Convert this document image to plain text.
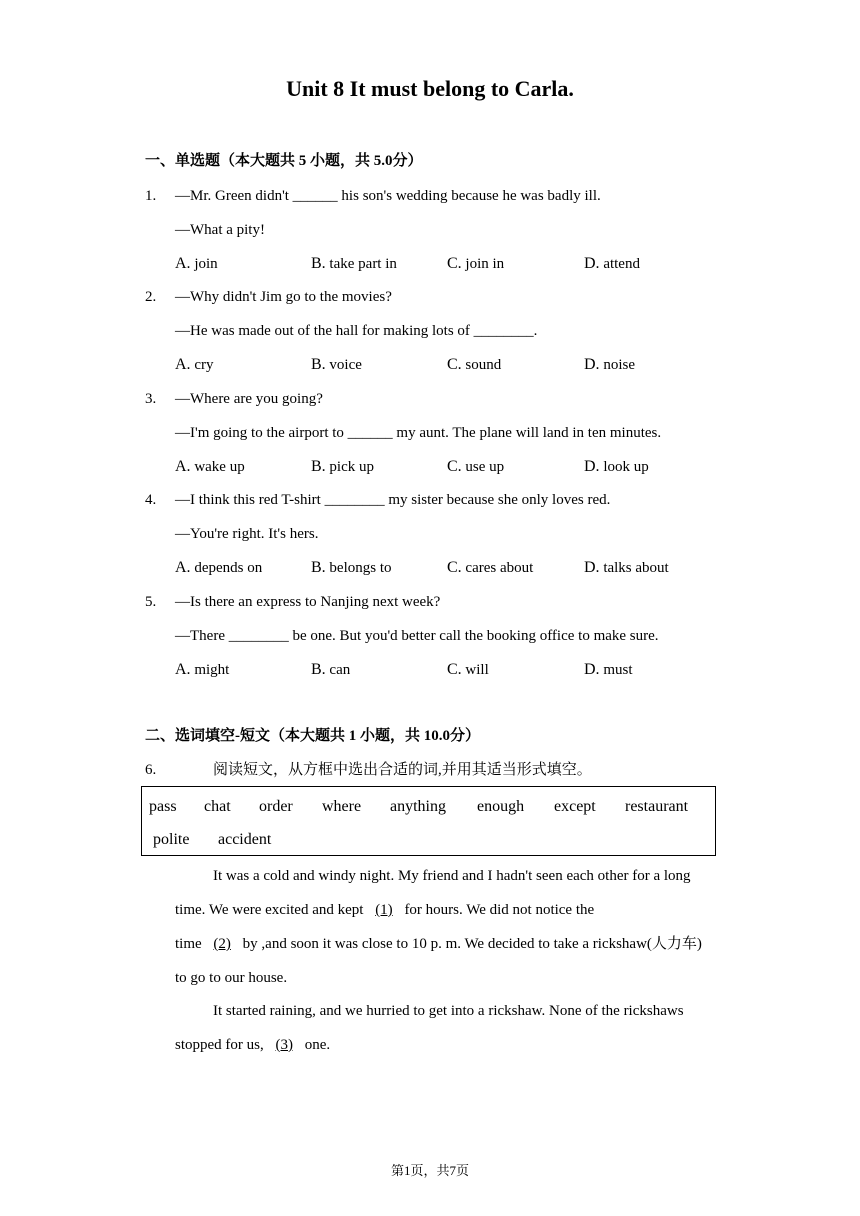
Unit 8 It must belong to Carla.
一、单选题（本大题共 5 小题，共 5.0分）
1.	—Mr. Green didn't ______ his son's wedding because he was badly ill.
—What a pity!
A. join	B. take part in	C. join in	D. attend
2.	—Why didn't Jim go to the movies?
—He was made out of the hall for making lots of ________.
A. cry	B. voice	C. sound	D. noise
3.	—Where are you going?
—I'm going to the airport to ______ my aunt. The plane will land in ten minutes.
A. wake up	B. pick up	C. use up	D. look up
4.	—I think this red T-shirt ________ my sister because she only loves red.
—You're right. It's hers.
A. depends on	B. belongs to	C. cares about	D. talks about
5.	—Is there an express to Nanjing next week?
—There ________ be one. But you'd better call the booking office to make sure.
A. might	B. can	C. will	D. must
二、选词填空-短文（本大题共 1 小题，共 10.0分）
6.	阅读短文，从方框中选出合适的词,并用其适当形式填空。
pass chat order where anything enough except restaurant
polite accident
It was a cold and windy night. My friend and I hadn't seen each other for a long
time. We were excited and kept (1) for hours. We did not notice the
time (2) by ,and soon it was close to 10 p. m. We decided to take a rickshaw(人力车)
to go to our house.
It started raining, and we hurried to get into a rickshaw. None of the rickshaws
stopped for us, (3) one.
第1页，共7页
